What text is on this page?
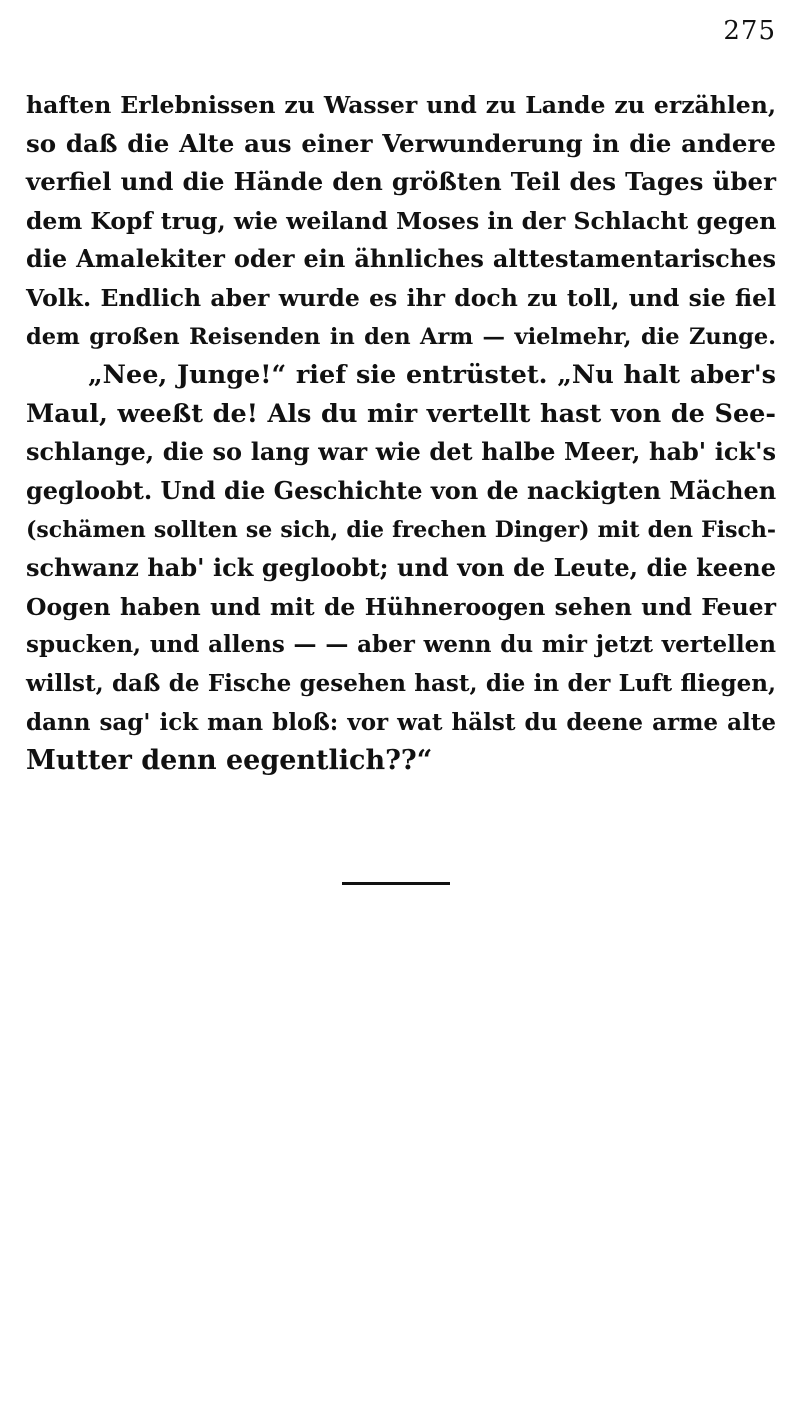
275
haften Erlebnissen zu Wasser und zu Lande zu erzählen,
so daß die Alte aus einer Verwunderung in die andere
verfiel und die Hände den größten Teil des Tages über
dem Kopf trug, wie weiland Moses in der Schlacht gegen
die Amalekiter oder ein ähnliches alttestamentarisches
Volk. Endlich aber wurde es ihr doch zu toll, und sie fiel
dem großen Reisenden in den Arm — vielmehr, die Zunge.
„Nee, Junge!“ rief sie entrüstet. „Nu halt aber's
Maul, weeßt de! Als du mir vertellt hast von de See-
schlange, die so lang war wie det halbe Meer, hab' ick's
gegloobt. Und die Geschichte von de nackigten Mächen
(schämen sollten se sich, die frechen Dinger) mit den Fisch-
schwanz hab' ick gegloobt; und von de Leute, die keene
Oogen haben und mit de Hühneroogen sehen und Feuer
spucken, und allens — — aber wenn du mir jetzt vertellen
willst, daß de Fische gesehen hast, die in der Luft fliegen,
dann sag' ick man bloß: vor wat hälst du deene arme alte
Mutter denn eegentlich??“
